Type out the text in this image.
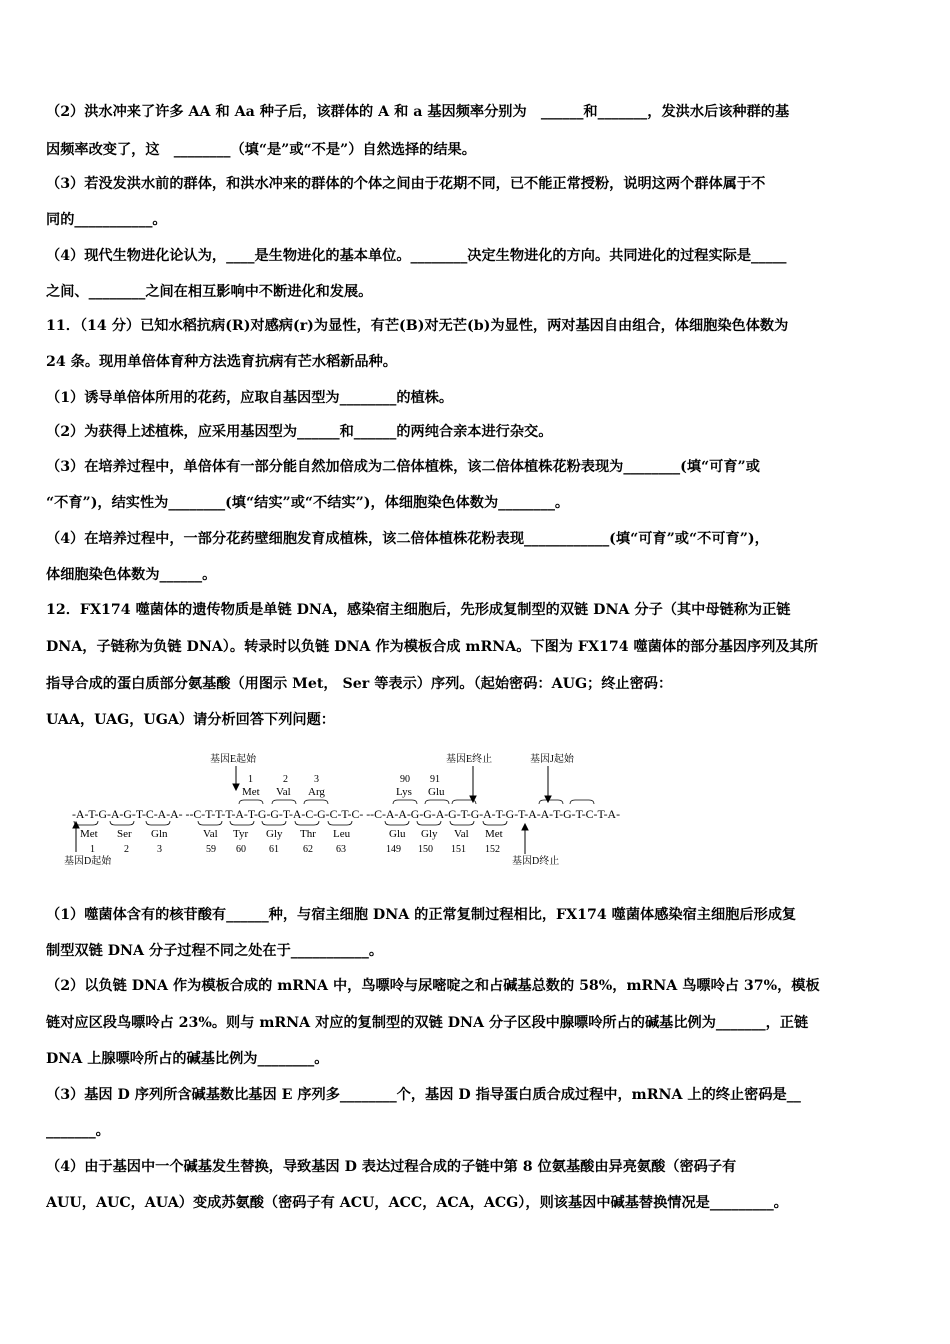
（2）洪水冲来了许多 AA 和 Aa 种子后，该群体的 A 和 a 基因频率分别为　______和_______，发洪水后该种群的基
因频率改变了，这　________（填“是”或“不是”）自然选择的结果。
（3）若没发洪水前的群体，和洪水冲来的群体的个体之间由于花期不同，已不能正常授粉，说明这两个群体属于不
同的___________。
（4）现代生物进化论认为，____是生物进化的基本单位。________决定生物进化的方向。共同进化的过程实际是_____
之间、________之间在相互影响中不断进化和发展。
11．（14 分）已知水稻抗病(R)对感病(r)为显性，有芒(B)对无芒(b)为显性，两对基因自由组合，体细胞染色体数为
24 条。现用单倍体育种方法选育抗病有芒水稻新品种。
（1）诱导单倍体所用的花药，应取自基因型为________的植株。
（2）为获得上述植株，应采用基因型为______和______的两纯合亲本进行杂交。
（3）在培养过程中，单倍体有一部分能自然加倍成为二倍体植株，该二倍体植株花粉表现为________(填“可育”或
“不育”)，结实性为________(填“结实”或“不结实”)，体细胞染色体数为________。
（4）在培养过程中，一部分花药壁细胞发育成植株，该二倍体植株花粉表现____________(填“可育”或“不可育”)，
体细胞染色体数为______。
12．FX174 噬菌体的遗传物质是单链 DNA，感染宿主细胞后，先形成复制型的双链 DNA 分子（其中母链称为正链
DNA，子链称为负链 DNA）。转录时以负链 DNA 作为模板合成 mRNA。下图为 FX174 噬菌体的部分基因序列及其所
指导合成的蛋白质部分氨基酸（用图示 Met， Ser 等表示）序列。（起始密码：AUG；终止密码：
UAA，UAG，UGA）请分析回答下列问题：
基因E起始	基因E终止	基因J起始
1	2	3	90 91
Met Val Arg	Lys Glu
-A-T-G-A-G-T-C-A-A- --C-T-T-T-A-T-G-G-T-A-C-G-C-T-C- --C-A-A-G-G-A-G-T-G-A-T-G-T-A-A-T-G-T-C-T-A-
Met Ser Gln	Val Tyr Gly Thr Leu	Glu Gly Val Met
1	2	3	59 60 61 62 63	149 150 151 152
基因D起始	基因D终止
（1）噬菌体含有的核苷酸有______种，与宿主细胞 DNA 的正常复制过程相比，FX174 噬菌体感染宿主细胞后形成复
制型双链 DNA 分子过程不同之处在于___________。
（2）以负链 DNA 作为模板合成的 mRNA 中，鸟嘌呤与尿嘧啶之和占碱基总数的 58%，mRNA 鸟嘌呤占 37%，模板
链对应区段鸟嘌呤占 23%。则与 mRNA 对应的复制型的双链 DNA 分子区段中腺嘌呤所占的碱基比例为_______，正链
DNA 上腺嘌呤所占的碱基比例为________。
（3）基因 D 序列所含碱基数比基因 E 序列多________个，基因 D 指导蛋白质合成过程中，mRNA 上的终止密码是__
_______。
（4）由于基因中一个碱基发生替换，导致基因 D 表达过程合成的子链中第 8 位氨基酸由异亮氨酸（密码子有
AUU，AUC，AUA）变成苏氨酸（密码子有 ACU，ACC，ACA，ACG），则该基因中碱基替换情况是_________。
